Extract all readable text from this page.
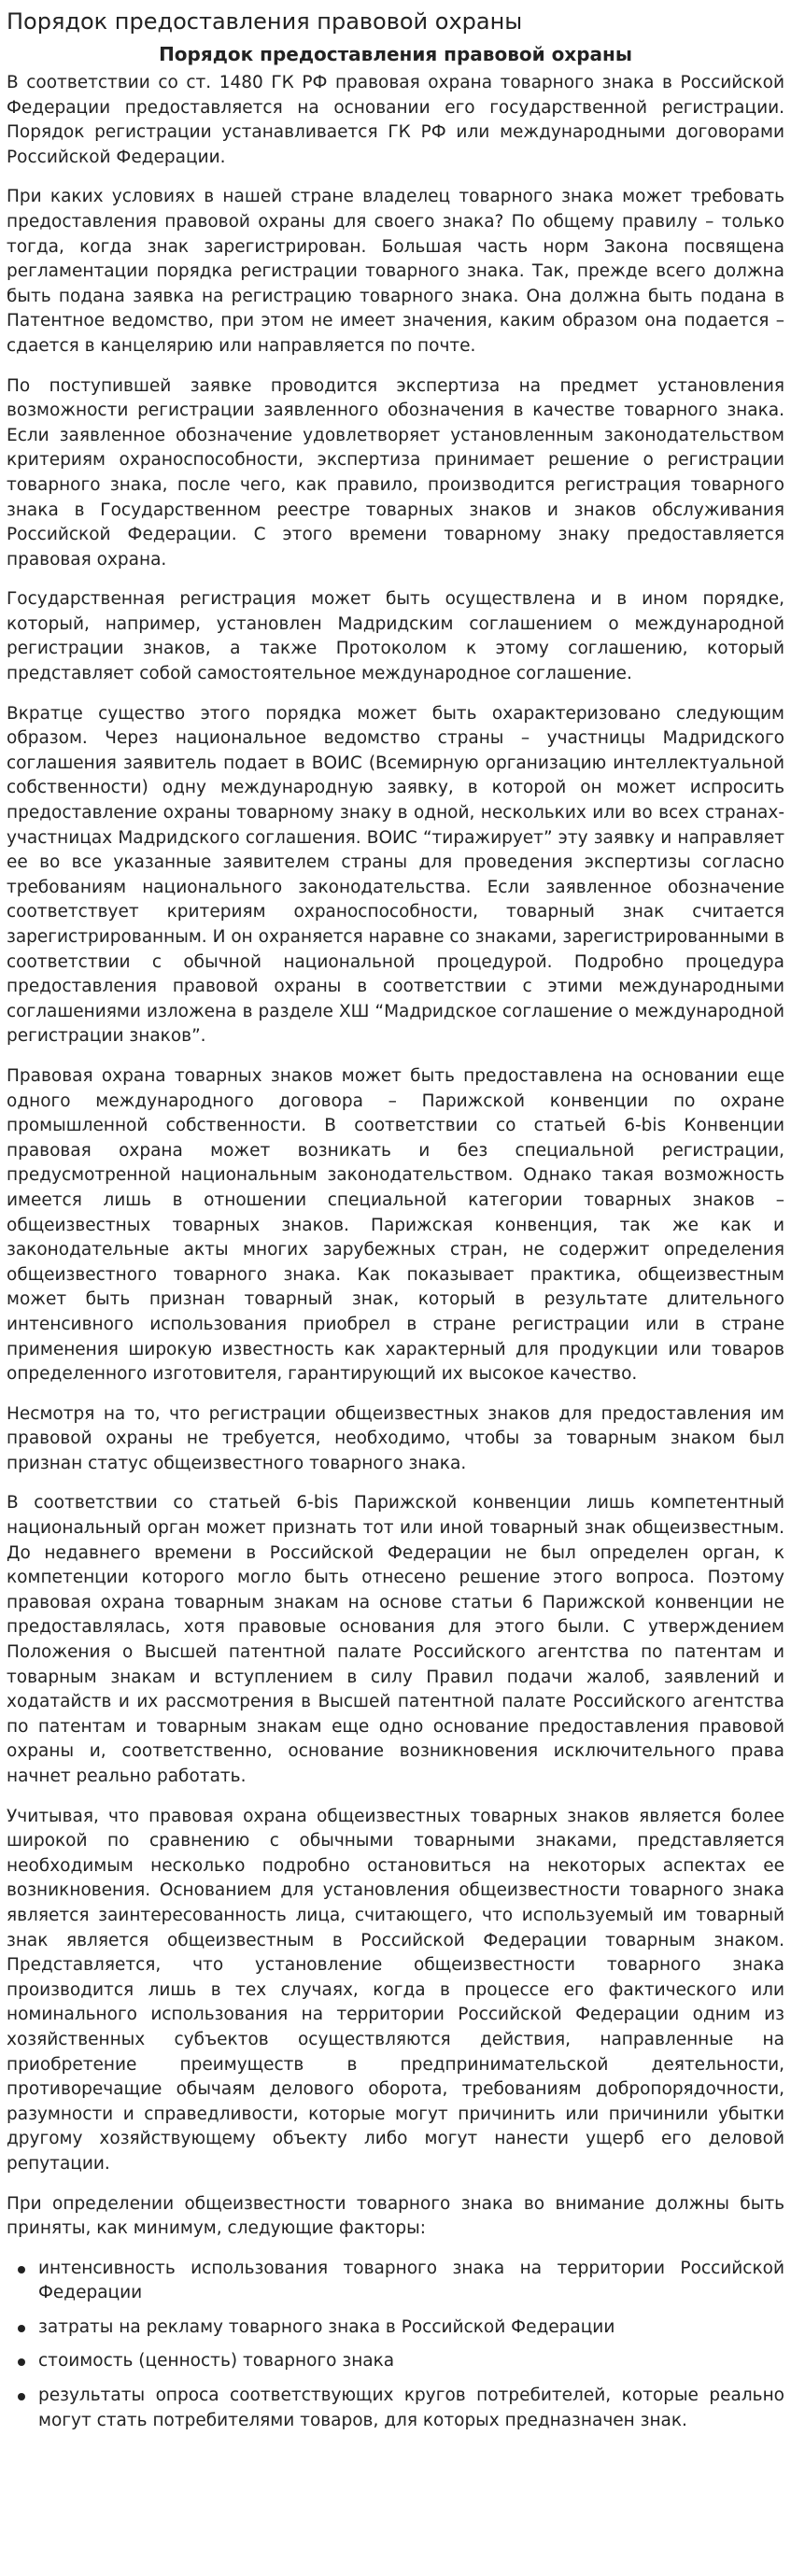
Порядок предоставления правовой охраны
Порядок предоставления правовой охраны

В соответствии со ст. 1480 ГК РФ правовая охрана товарного знака в Российской Федерации предоставляется на основании его государственной регистрации. Порядок регистрации устанавливается ГК РФ или международными договорами Российской Федерации.

При каких условиях в нашей стране владелец товарного знака может требовать предоставления правовой охраны для своего знака? По общему правилу – только тогда, когда знак зарегистрирован. Большая часть норм Закона посвящена регламентации порядка регистрации товарного знака. Так, прежде всего должна быть подана заявка на регистрацию товарного знака. Она должна быть подана в Патентное ведомство, при этом не имеет значения, каким образом она подается – сдается в канцелярию или направляется по почте.

По поступившей заявке проводится экспертиза на предмет установления возможности регистрации заявленного обозначения в качестве товарного знака. Если заявленное обозначение удовлетворяет установленным законодательством критериям охраноспособности, экспертиза принимает решение о регистрации товарного знака, после чего, как правило, производится регистрация товарного знака в Государственном реестре товарных знаков и знаков обслуживания Российской Федерации. С этого времени товарному знаку предоставляется правовая охрана.

Государственная регистрация может быть осуществлена и в ином порядке, который, например, установлен Мадридским соглашением о международной регистрации знаков, а также Протоколом к этому соглашению, который представляет собой самостоятельное международное соглашение.

Вкратце существо этого порядка может быть охарактеризовано следующим образом. Через национальное ведомство страны – участницы Мадридского соглашения заявитель подает в ВОИС (Всемирную организацию интеллектуальной собственности) одну международную заявку, в которой он может испросить предоставление охраны товарному знаку в одной, нескольких или во всех странах-участницах Мадридского соглашения. ВОИС “тиражирует” эту заявку и направляет ее во все указанные заявителем страны для проведения экспертизы согласно требованиям национального законодательства. Если заявленное обозначение соответствует критериям охраноспособности, товарный знак считается зарегистрированным. И он охраняется наравне со знаками, зарегистрированными в соответствии с обычной национальной процедурой. Подробно процедура предоставления правовой охраны в соответствии с этими международными соглашениями изложена в разделе XШ “Мадридское соглашение о международной регистрации знаков”.

Правовая охрана товарных знаков может быть предоставлена на основании еще одного международного договора – Парижской конвенции по охране промышленной собственности. В соответствии со статьей 6-bis Конвенции правовая охрана может возникать и без специальной регистрации, предусмотренной национальным законодательством. Однако такая возможность имеется лишь в отношении специальной категории товарных знаков – общеизвестных товарных знаков. Парижская конвенция, так же как и законодательные акты многих зарубежных стран, не содержит определения общеизвестного товарного знака. Как показывает практика, общеизвестным может быть признан товарный знак, который в результате длительного интенсивного использования приобрел в стране регистрации или в стране применения широкую известность как характерный для продукции или товаров определенного изготовителя, гарантирующий их высокое качество.

Несмотря на то, что регистрации общеизвестных знаков для предоставления им правовой охраны не требуется, необходимо, чтобы за товарным знаком был признан статус общеизвестного товарного знака.

В соответствии со статьей 6-bis Парижской конвенции лишь компетентный национальный орган может признать тот или иной товарный знак общеизвестным. До недавнего времени в Российской Федерации не был определен орган, к компетенции которого могло быть отнесено решение этого вопроса. Поэтому правовая охрана товарным знакам на основе статьи 6 Парижской конвенции не предоставлялась, хотя правовые основания для этого были. С утверждением Положения о Высшей патентной палате Российского агентства по патентам и товарным знакам и вступлением в силу Правил подачи жалоб, заявлений и ходатайств и их рассмотрения в Высшей патентной палате Российского агентства по патентам и товарным знакам еще одно основание предоставления правовой охраны и, соответственно, основание возникновения исключительного права начнет реально работать.

Учитывая, что правовая охрана общеизвестных товарных знаков является более широкой по сравнению с обычными товарными знаками, представляется необходимым несколько подробно остановиться на некоторых аспектах ее возникновения. Основанием для установления общеизвестности товарного знака является заинтересованность лица, считающего, что используемый им товарный знак является общеизвестным в Российской Федерации товарным знаком. Представляется, что установление общеизвестности товарного знака производится лишь в тех случаях, когда в процессе его фактического или номинального использования на территории Российской Федерации одним из хозяйственных субъектов осуществляются действия, направленные на приобретение преимуществ в предпринимательской деятельности, противоречащие обычаям делового оборота, требованиям добропорядочности, разумности и справедливости, которые могут причинить или причинили убытки другому хозяйствующему объекту либо могут нанести ущерб его деловой репутации.

При определении общеизвестности товарного знака во внимание должны быть приняты, как минимум, следующие факторы:

интенсивность использования товарного знака на территории Российской Федерации
затраты на рекламу товарного знака в Российской Федерации
стоимость (ценность) товарного знака
результаты опроса соответствующих кругов потребителей, которые реально могут стать потребителями товаров, для которых предназначен знак.
